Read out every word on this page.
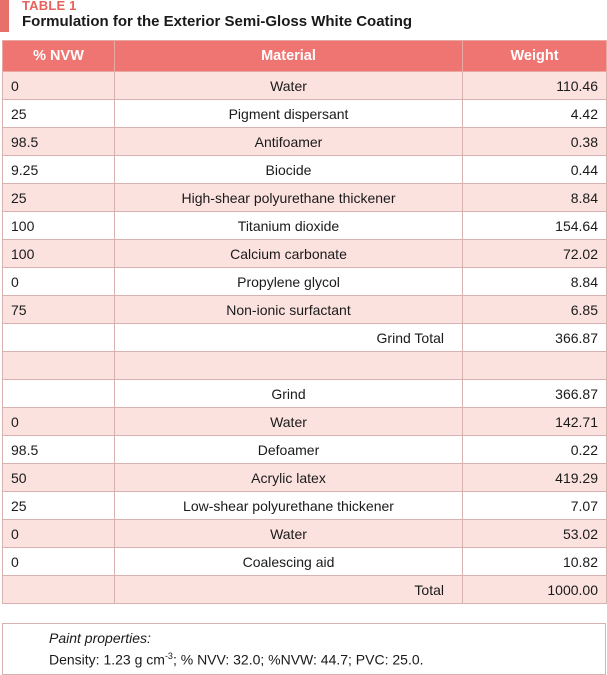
TABLE 1
Formulation for the Exterior Semi-Gloss White Coating
% NVW	Material	Weight
0	Water	110.46
25	Pigment dispersant	4.42
98.5	Antifoamer	0.38
9.25	Biocide	0.44
25	High-shear polyurethane thickener	8.84
100	Titanium dioxide	154.64
100	Calcium carbonate	72.02
0	Propylene glycol	8.84
75	Non-ionic surfactant	6.85
	Grind Total	366.87

	Grind	366.87
0	Water	142.71
98.5	Defoamer	0.22
50	Acrylic latex	419.29
25	Low-shear polyurethane thickener	7.07
0	Water	53.02
0	Coalescing aid	10.82
	Total	1000.00
Paint properties:
Density: 1.23 g $cm^{-3}$; % NVV: 32.0; %NVW: 44.7; PVC: 25.0.
